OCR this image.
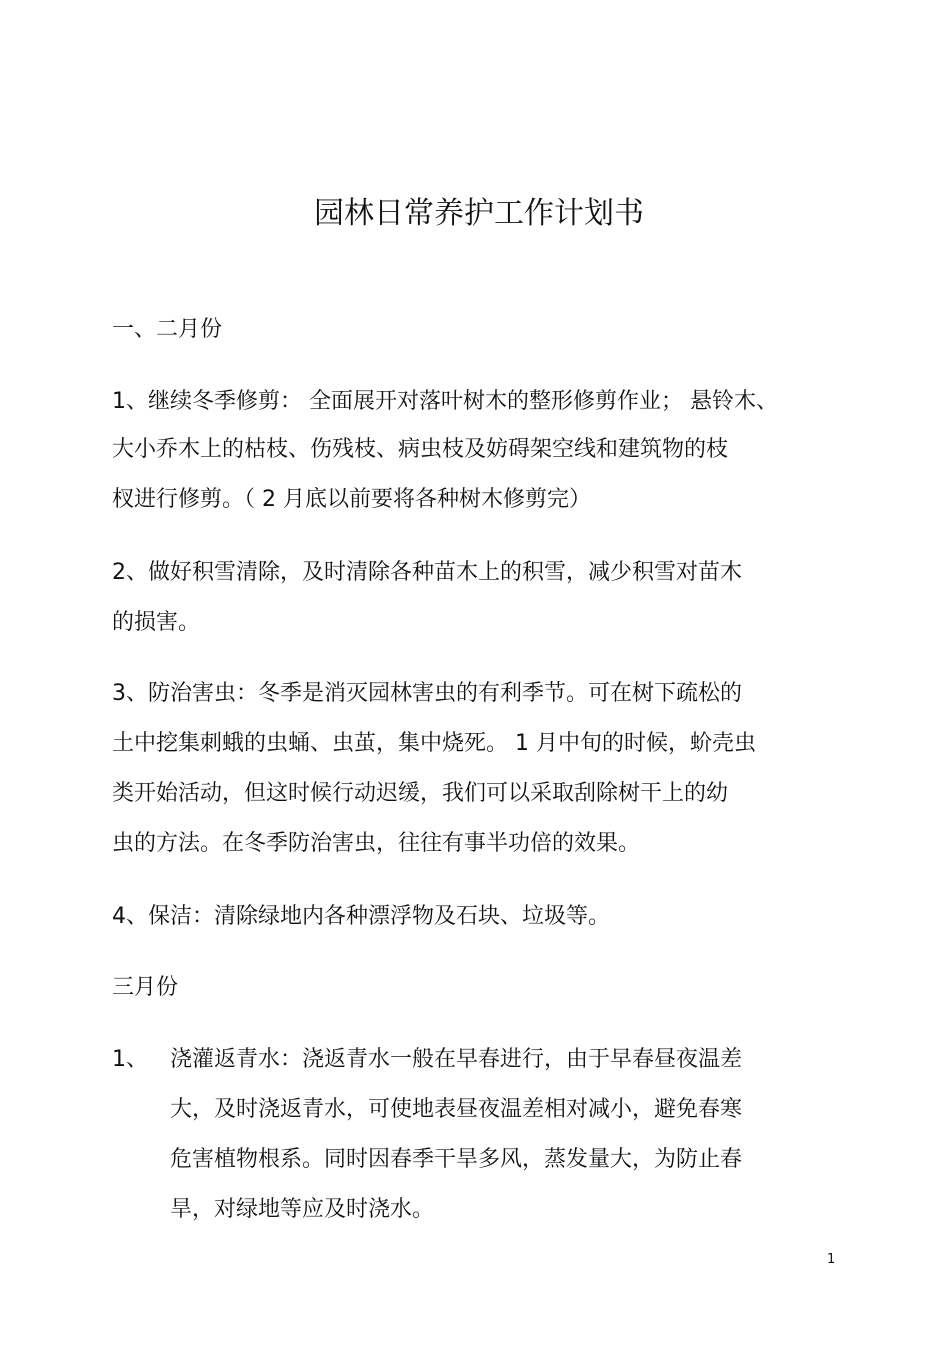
园林日常养护工作计划书
一、二月份
1、继续冬季修剪： 全面展开对落叶树木的整形修剪作业； 悬铃木、
大小乔木上的枯枝、伤残枝、病虫枝及妨碍架空线和建筑物的枝
杈进行修剪。（ 2 月底以前要将各种树木修剪完）
2、做好积雪清除，及时清除各种苗木上的积雪，减少积雪对苗木
的损害。
3、防治害虫：冬季是消灭园林害虫的有利季节。可在树下疏松的
土中挖集刺蛾的虫蛹、虫茧，集中烧死。 1 月中旬的时候，蚧壳虫
类开始活动，但这时候行动迟缓，我们可以采取刮除树干上的幼
虫的方法。在冬季防治害虫，往往有事半功倍的效果。
4、保洁：清除绿地内各种漂浮物及石块、垃圾等。
三月份
1、 浇灌返青水：浇返青水一般在早春进行，由于早春昼夜温差
大，及时浇返青水，可使地表昼夜温差相对减小，避免春寒
危害植物根系。同时因春季干旱多风，蒸发量大，为防止春
旱，对绿地等应及时浇水。
1
